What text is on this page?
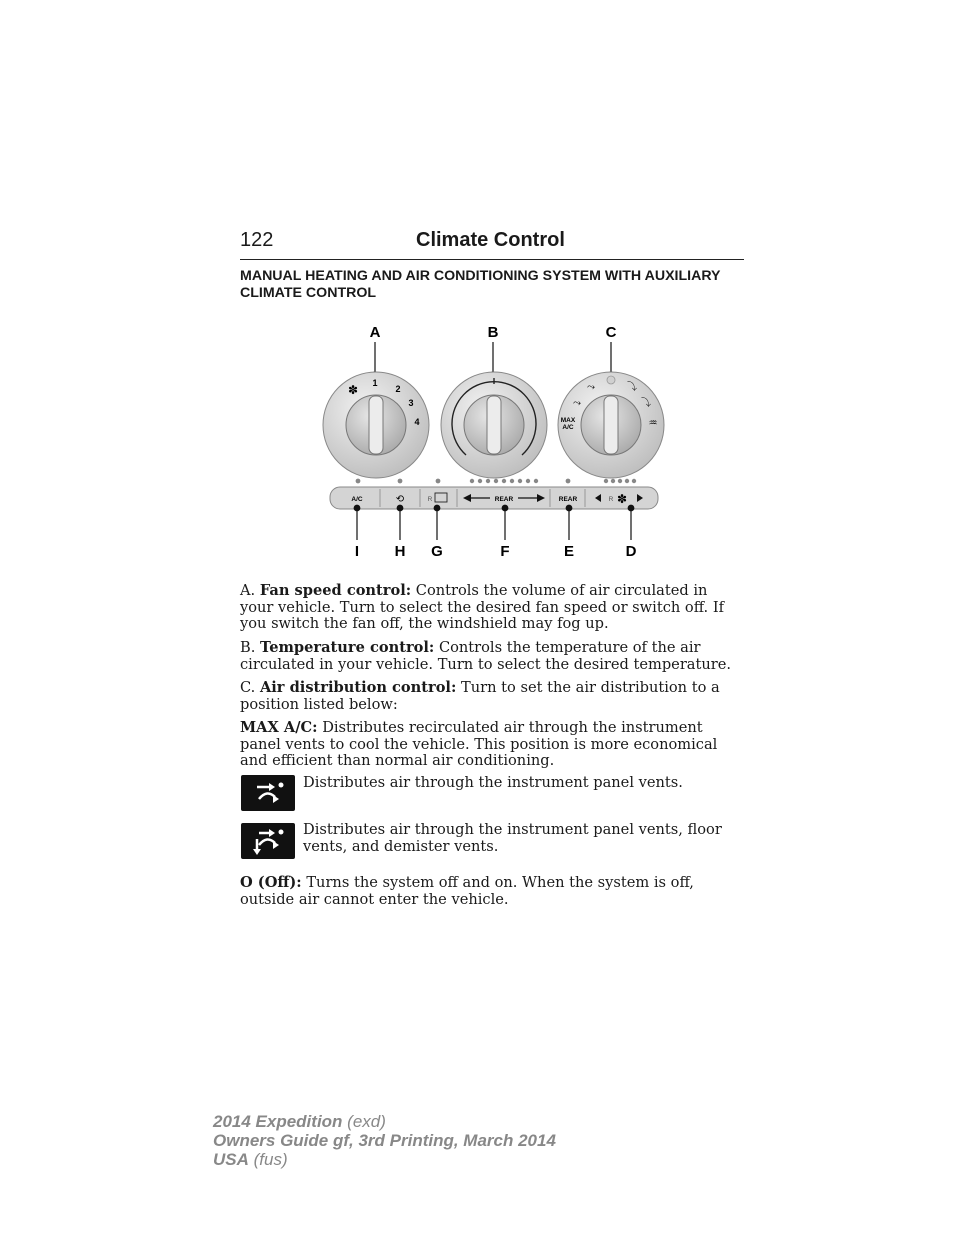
122	Climate Control
MANUAL HEATING AND AIR CONDITIONING SYSTEM WITH AUXILIARY CLIMATE CONTROL
A	B	C
✽ 1
2
3
4
⤳
⤳
⤵
⤵
♒
MAX
A/C
A/C	⟲	R	REAR	REAR	R ✽
I H G	F	E	D

A. Fan speed control: Controls the volume of air circulated in your vehicle. Turn to select the desired fan speed or switch off. If you switch the fan off, the windshield may fog up.

B. Temperature control: Controls the temperature of the air circulated in your vehicle. Turn to select the desired temperature.

C. Air distribution control: Turn to set the air distribution to a position listed below:

MAX A/C: Distributes recirculated air through the instrument panel vents to cool the vehicle. This position is more economical and efficient than normal air conditioning.

Distributes air through the instrument panel vents.

Distributes air through the instrument panel vents, floor vents, and demister vents.

O (Off): Turns the system off and on. When the system is off, outside air cannot enter the vehicle.

2014 Expedition (exd)
Owners Guide gf, 3rd Printing, March 2014
USA (fus)
